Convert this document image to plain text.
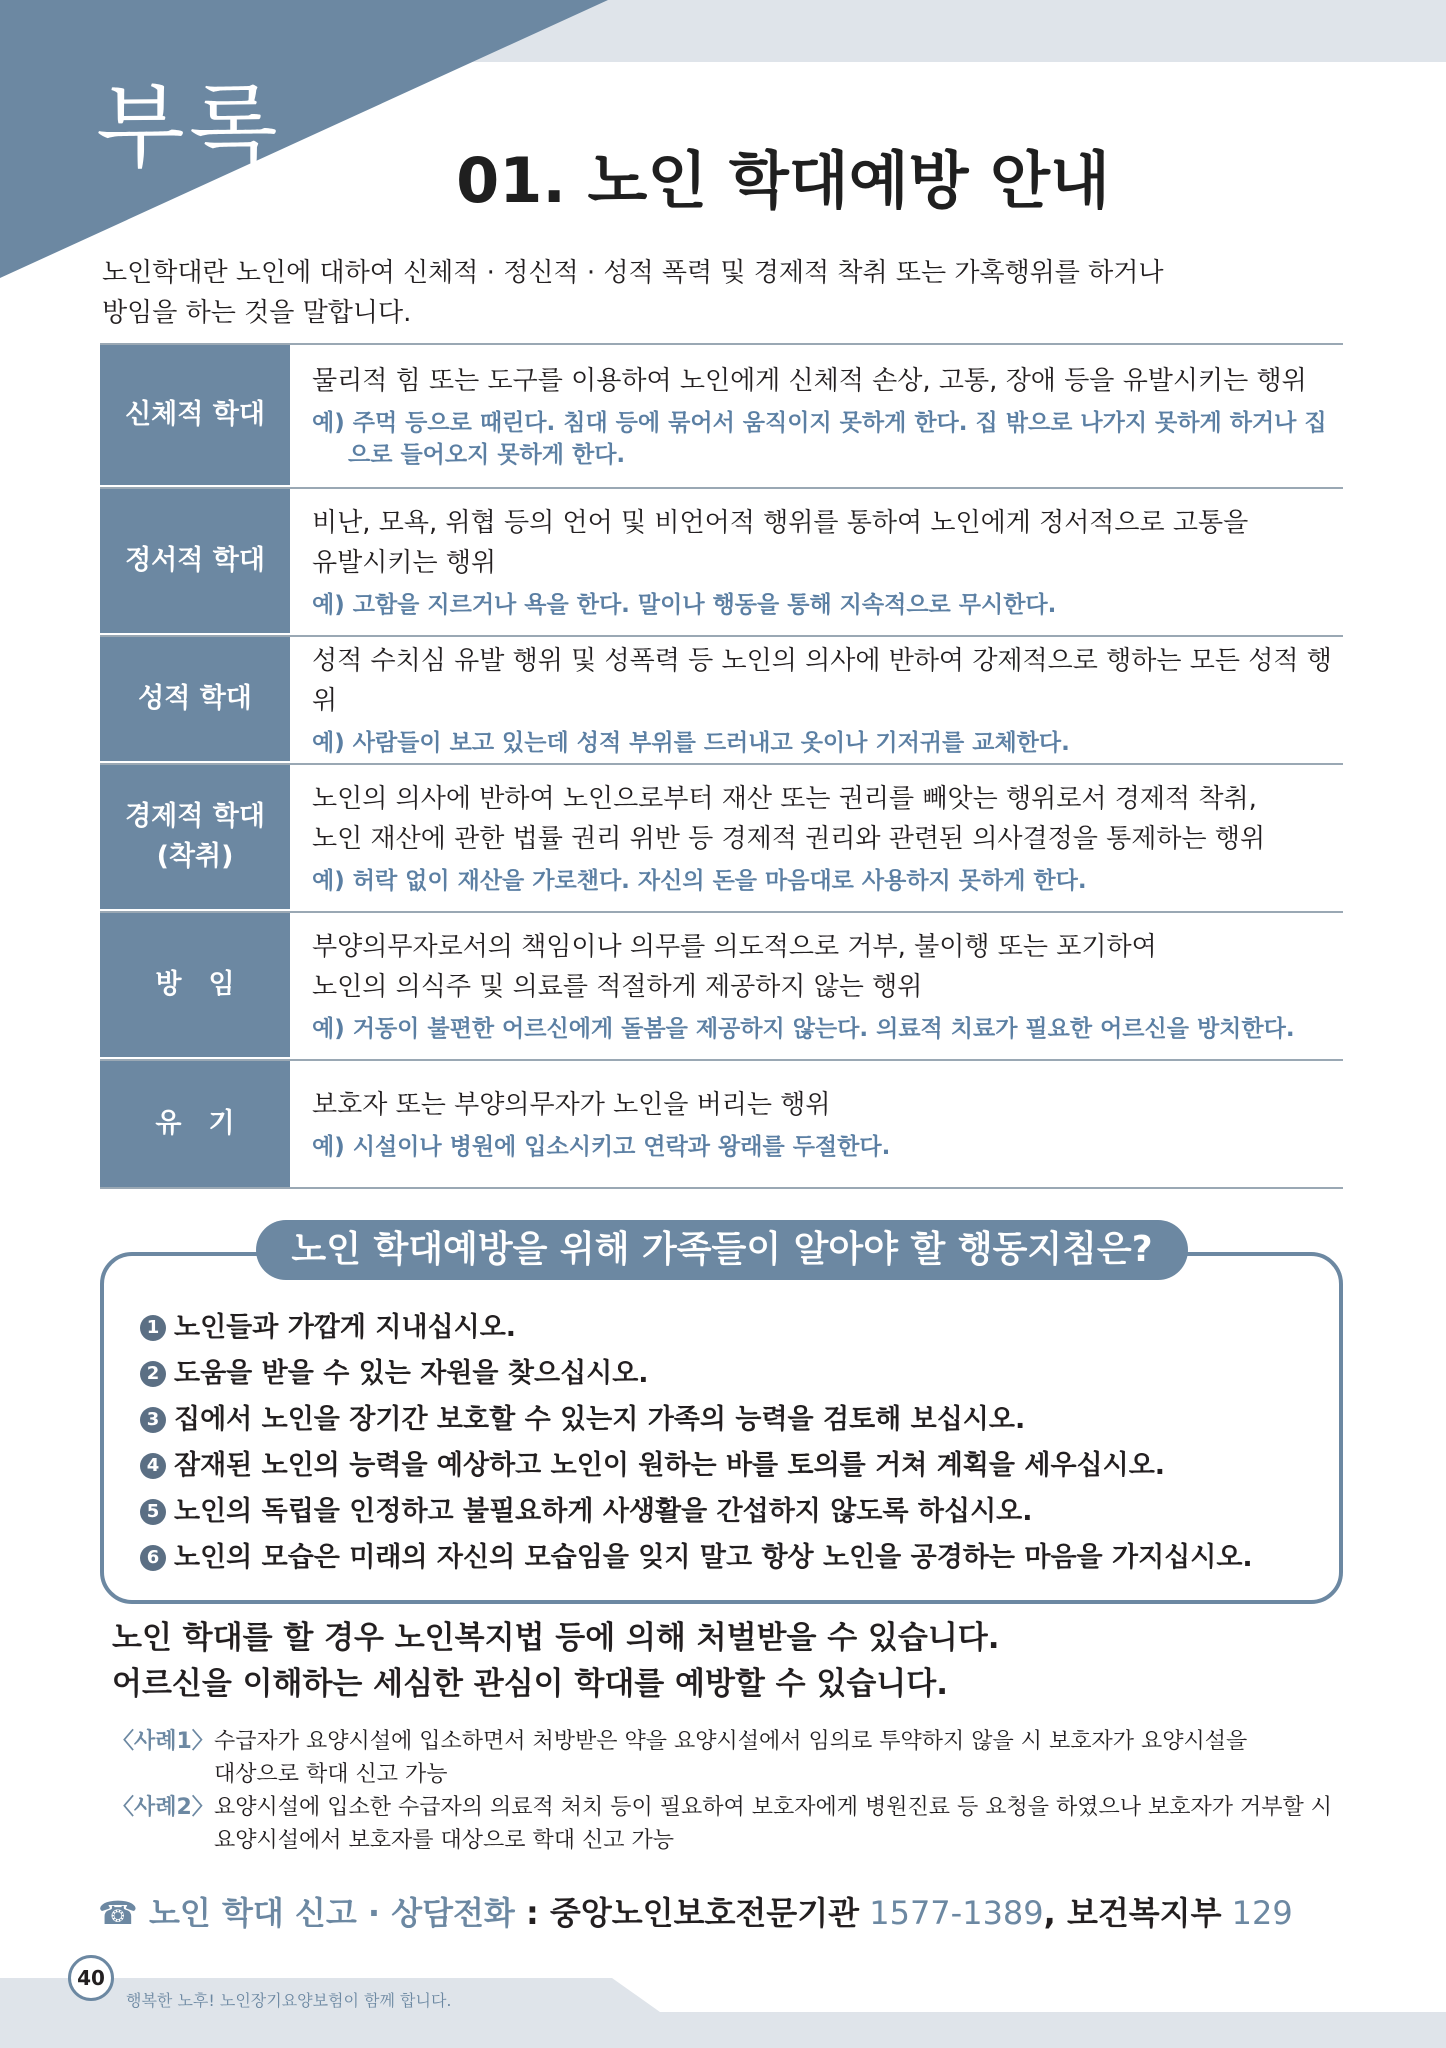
부록	01. 노인 학대예방 안내
노인학대란 노인에 대하여 신체적 · 정신적 · 성적 폭력 및 경제적 착취 또는 가혹행위를 하거나
방임을 하는 것을 말합니다.
신체적 학대
물리적 힘 또는 도구를 이용하여 노인에게 신체적 손상, 고통, 장애 등을 유발시키는 행위
예) 주먹 등으로 때린다. 침대 등에 묶어서 움직이지 못하게 한다. 집 밖으로 나가지 못하게 하거나 집으로 들어오지 못하게 한다.
정서적 학대
비난, 모욕, 위협 등의 언어 및 비언어적 행위를 통하여 노인에게 정서적으로 고통을
유발시키는 행위
예) 고함을 지르거나 욕을 한다. 말이나 행동을 통해 지속적으로 무시한다.
성적 학대
성적 수치심 유발 행위 및 성폭력 등 노인의 의사에 반하여 강제적으로 행하는 모든 성적 행위
예) 사람들이 보고 있는데 성적 부위를 드러내고 옷이나 기저귀를 교체한다.
경제적 학대
(착취)
노인의 의사에 반하여 노인으로부터 재산 또는 권리를 빼앗는 행위로서 경제적 착취,
노인 재산에 관한 법률 권리 위반 등 경제적 권리와 관련된 의사결정을 통제하는 행위
예) 허락 없이 재산을 가로챈다. 자신의 돈을 마음대로 사용하지 못하게 한다.
방　임
부양의무자로서의 책임이나 의무를 의도적으로 거부, 불이행 또는 포기하여
노인의 의식주 및 의료를 적절하게 제공하지 않는 행위
예) 거동이 불편한 어르신에게 돌봄을 제공하지 않는다. 의료적 치료가 필요한 어르신을 방치한다.
유　기
보호자 또는 부양의무자가 노인을 버리는 행위
예) 시설이나 병원에 입소시키고 연락과 왕래를 두절한다.
노인 학대예방을 위해 가족들이 알아야 할 행동지침은?
1 노인들과 가깝게 지내십시오.
2 도움을 받을 수 있는 자원을 찾으십시오.
3 집에서 노인을 장기간 보호할 수 있는지 가족의 능력을 검토해 보십시오.
4 잠재된 노인의 능력을 예상하고 노인이 원하는 바를 토의를 거쳐 계획을 세우십시오.
5 노인의 독립을 인정하고 불필요하게 사생활을 간섭하지 않도록 하십시오.
6 노인의 모습은 미래의 자신의 모습임을 잊지 말고 항상 노인을 공경하는 마음을 가지십시오.
노인 학대를 할 경우 노인복지법 등에 의해 처벌받을 수 있습니다.
어르신을 이해하는 세심한 관심이 학대를 예방할 수 있습니다.
〈사례1〉 수급자가 요양시설에 입소하면서 처방받은 약을 요양시설에서 임의로 투약하지 않을 시 보호자가 요양시설을
대상으로 학대 신고 가능
〈사례2〉 요양시설에 입소한 수급자의 의료적 처치 등이 필요하여 보호자에게 병원진료 등 요청을 하였으나 보호자가 거부할 시
요양시설에서 보호자를 대상으로 학대 신고 가능
☎ 노인 학대 신고 · 상담전화 : 중앙노인보호전문기관 1577-1389, 보건복지부 129
40
행복한 노후! 노인장기요양보험이 함께 합니다.
